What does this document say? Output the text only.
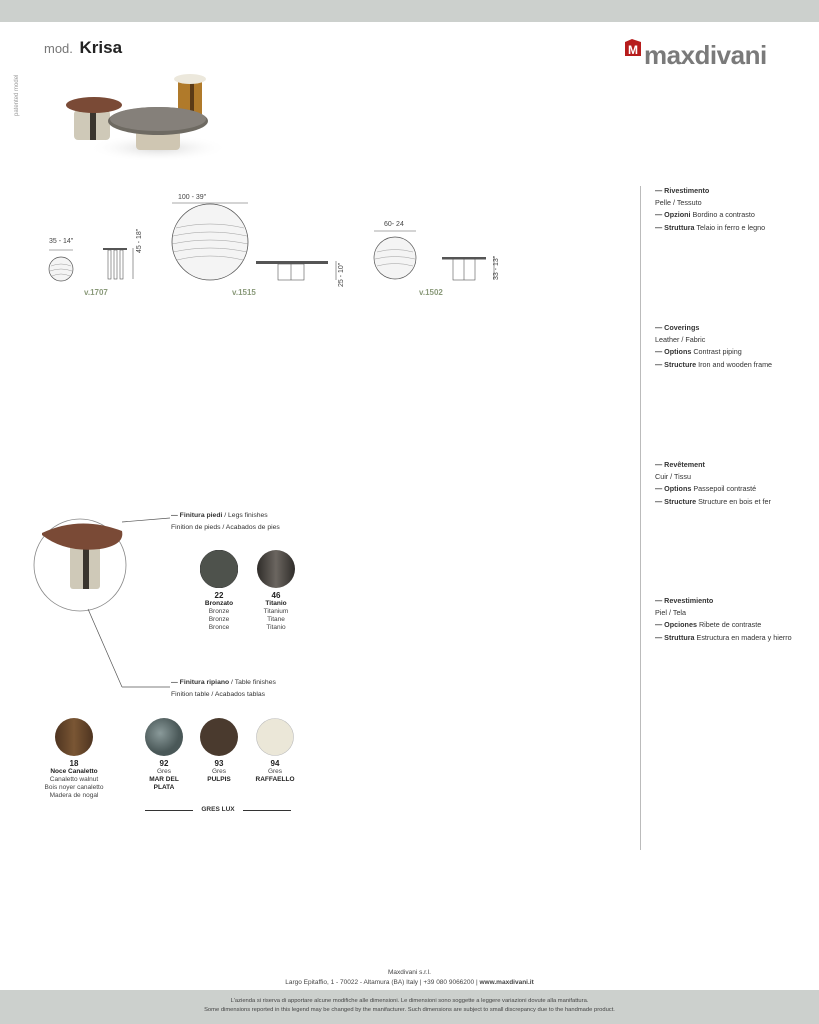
mod. Krisa
patented model
M maxdivani
35 - 14"	45 - 18"
v.1707
100 - 39"
25 - 10"
v.1515
60- 24
33 - 13"
v.1502
— Rivestimento
Pelle / Tessuto
— Opzioni Bordino a contrasto
— Struttura Telaio in ferro e legno
— Coverings
Leather / Fabric
— Options Contrast piping
— Structure Iron and wooden frame
— Revêtement
Cuir / Tissu
— Options Passepoil contrasté
— Structure Structure en bois et fer
— Revestimiento
Piel / Tela
— Opciones Ribete de contraste
— Struttura Estructura en madera y hierro
— Finitura piedi / Legs finishes
Finition de pieds / Acabados de pies
22
Bronzato
Bronze
Bronze
Bronce
46
Titanio
Titanium
Titane
Titanio
— Finitura ripiano / Table finishes
Finition table / Acabados tablas
18
Noce Canaletto
Canaletto walnut
Bois noyer canaletto
Madera de nogal
92
Gres
MAR DEL
PLATA
93
Gres
PULPIS
94
Gres
RAFFAELLO
GRES LUX
Maxdivani s.r.l.
Largo Epitaffio, 1 - 70022 - Altamura (BA) Italy | +39 080 9066200 | www.maxdivani.it
L'azienda si riserva di apportare alcune modifiche alle dimensioni. Le dimensioni sono soggette a leggere variazioni dovute alla manifattura.
Some dimensions reported in this legend may be changed by the manifacturer. Such dimensions are subject to small discrepancy due to the handmade product.
